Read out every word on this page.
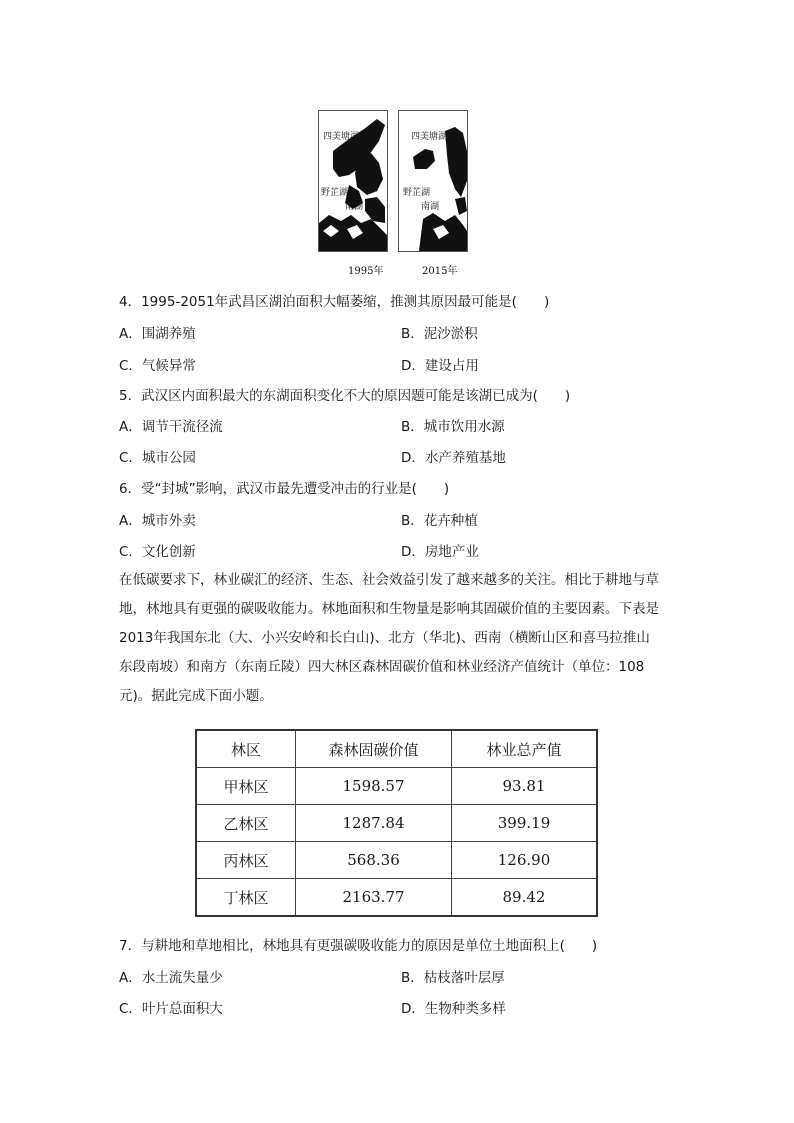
四美塘湖
野芷湖
南湖
四美塘湖
野芷湖
南湖
1995年	2015年
4．1995-2051年武昌区湖泊面积大幅萎缩，推测其原因最可能是(　　)
A．围湖养殖	B．泥沙淤积
C．气候异常	D．建设占用
5．武汉区内面积最大的东湖面积变化不大的原因题可能是该湖已成为(　　)
A．调节干流径流	B．城市饮用水源
C．城市公园	D．水产养殖基地
6．受“封城”影响，武汉市最先遭受冲击的行业是(　　)
A．城市外卖	B．花卉种植
C．文化创新	D．房地产业
在低碳要求下，林业碳汇的经济、生态、社会效益引发了越来越多的关注。相比于耕地与草
地，林地具有更强的碳吸收能力。林地面积和生物量是影响其固碳价值的主要因素。下表是
2013年我国东北（大、小兴安岭和长白山)、北方（华北)、西南（横断山区和喜马拉推山
东段南坡）和南方（东南丘陵）四大林区森林固碳价值和林业经济产值统计（单位：108
元)。据此完成下面小题。
林区	森林固碳价值	林业总产值
甲林区	1598.57	93.81
乙林区	1287.84	399.19
丙林区	568.36	126.90
丁林区	2163.77	89.42
7．与耕地和草地相比，林地具有更强碳吸收能力的原因是单位土地面积上(　　)
A．水土流失量少	B．枯枝落叶层厚
C．叶片总面积大	D．生物种类多样
